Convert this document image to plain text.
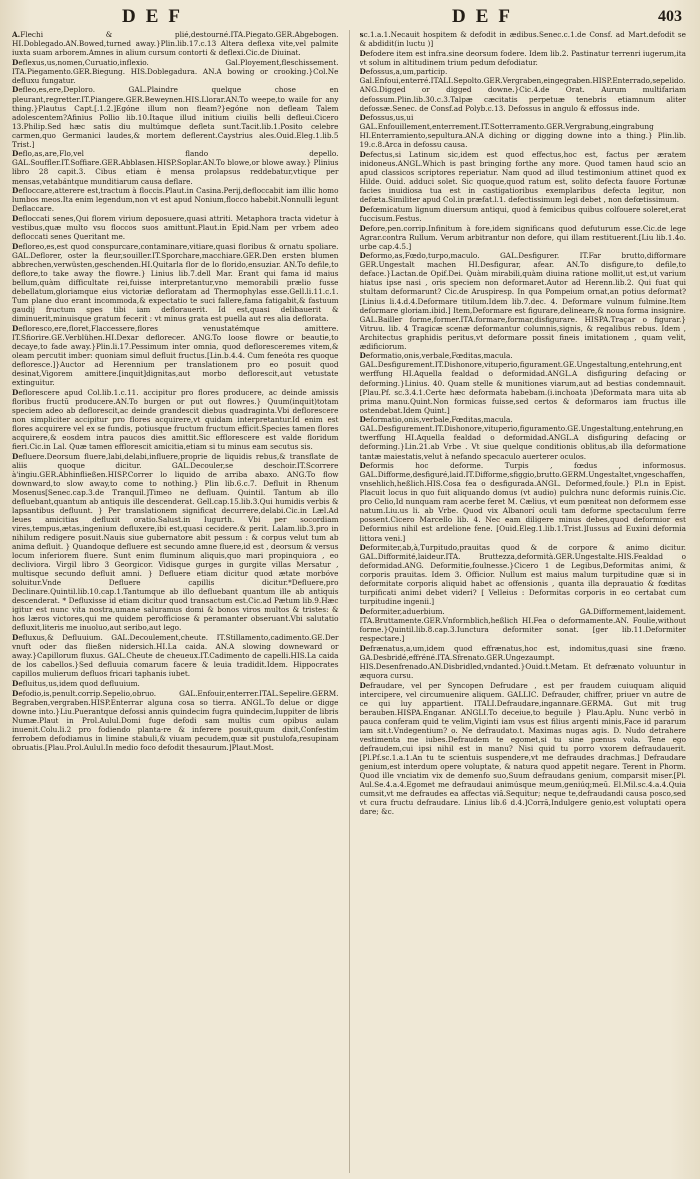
DEF	DEF	403

A.Flechi & plié,destourné.ITA.Piegato.GER.Abgebogen. HI.Doblegado.AN.Bowed,turned away.}Plin.lib.17.c.13 Altera deflexa vite,vel palmite iuxta suam arborem.Amnes in alium cursum contorti & deflexi.Cic.de Diuinat.

Deflexus,us,nomen,Curuatio,inflexio. Gal.Ployement,fleschissement. ITA.Piegamento.GER.Biegung. HIS.Doblegadura. AN.A bowing or crooking.}Col.Ne defluxu fungatur.

Defleo,es,ere,Deploro. GAL.Plaindre quelque chose en pleurant,regretter.IT.Piangere.GER.Beweynen.HIS.Llorar.AN.To weepe,to waile for any thing.}Plautus Capt.[.1.2.]Egóne illum non fleam?}egóne non defleam Talem adolescentem?Afinius Pollio lib.10.Itaque illud initium ciuilis belli defleui.Cicero 13.Philip.Sed hæc satis diu multúmque defleta sunt.Tacit.lib.1.Posito celebre carmen,quo Germanici laudes,& mortem deflerent.Caystrius ales.Ouid.Eleg.1.lib.5 Trist.]

Deflo,as,are,Flo,vel flando depello. GAL.Souffler.IT.Soffiare.GER.Abblasen.HISP.Soplar.AN.To blowe,or blowe away.} Plinius libro 28 capit.3. Cibus etiam è mensa prolapsus reddebatur,vtique per mensas,vetabántque munditiarum causa deflare.

Defloccare,atterere est,tractum à floccis.Plaut.in Casina.Perij,defloccabit iam illic homo lumbos meos.Ita enim legendum,non vt est apud Nonium,flocco habebit.Nonnulli legunt Deflaccare.

Defloccati senes,Qui florem virium deposuere,quasi attriti. Metaphora tracta videtur à vestibus,quæ multo vsu floccos suos amittunt.Plaut.in Epid.Nam per vrbem adeo defloccati senes Queritant me.

Defloreo,es,est quod conspurcare,contaminare,vitiare,quasi floribus & ornatu spoliare. GAL.Deflorer, oster la fleur,souiller.IT.Sporchare,macchiare.GER.Den ersten blumen abbrechen,verwüsten,geschenden.HI.Quitarla flor de lo florido,ensuziar. AN.To defile,to deflore,to take away the flowre.} Linius lib.7.dell Mar. Erant qui fama id maius bellum,quàm difficultate rei,fuisse interpretantur,vno memorabili prælio fusse debellatum,gloriamque eius victoriæ defloratam ad Thermophylas esse.Gell.li.11.c.1. Tum plane duo erant incommoda,& expectatio te suci fallere,fama fatigabit,& fastuum gaudij fructum spes tibi iam deflorauerit. Id est,quasi delibauerit & diminuerit,minuisque gratum fecerit : vt minus grata est puella aut res alia deflorata.

Defloresco,ere,floret,Flaccessere,flores venustatémque amittere. IT.Sfiorire.GE.Verblühen.HI.Dexar deflorecer. ANG.To loose flowre or beautie,to decaye,to fade away.}Plin.li.17.Pessimum inter omnia, quod defloresceremes vitem,& oleam percutit imber: quoniam simul defluit fructus.[Lin.b.4.4. Cum feneóta res quoque defloresce.]}Auctor ad Herennium per translationem pro eo posuit quod desinat,Vigorem amittere.[inquit]dignitas,aut morbo deflorescit,aut vetustate extinguitur.

Deflorescere apud Col.lib.1.c.11. accipitur pro flores producere, ac deinde amissis floribus fructū producere.AN.To burgen or put out flowres.} Quum(inquit)totam speciem adeo ab deflorescit,ac deinde grandescit diebus quadraginta.Vbi deflorescere non simpliciter accipitur pro flores acquirere,vt quidam interpretantur.Id enim est flores acquirere vel ex se fundis, potiusque fructum fructum efficit.Species tamen flores acquirere,& eosdem intra paucos dies amittit.Sic efflorescere est valde floridum fieri.Cic.in Lal. Quæ tamen efflorescit amicitia,etiam si tu minus eam secutus sis.

Defluere.Deorsum fluere,labi,delabi,influere,proprie de liquidis rebus,& transflate de aliis quoque dicitur. GAL.Decouler,se deschoir.IT.Scorrere à'ingiu.GER.Abhinfließen.HISP.Correr lo liquido de arriba abaxo. ANG.To flow downward,to slow away,to come to nothing.} Plin lib.6.c.7. Defluit in Rhenum Mosenus[Senec.cap.3.de Tranquil.]Timeo ne defluam. Quintil. Tantum ab illo defluebant,quantum ab antiquis ille descenderat. Gell.cap.15.lib.3.Qui humidis verbis & lapsantibus defluunt. } Per translationem significat decurrere,delabi.Cic.in Læl.Ad leues amicitias defluxit oratio.Salust.in Iugurth. Vbi per socordiam vires,tempus,ætas,ingenium defluxere,ibi est,quasi cecidere.& perit. Lalam.lib.3.pro in nihilum redigere posuit.Nauis siue gubernatore abit pessum : & corpus velut tum ab anima defluit. } Quandoque defluere est secundo amne fluere,id est , deorsum & versus locum inferiorem fluere. Sunt enim fluminum aliquis,quo mari propinquiora , eo decliviora. Virgil libro 3 Georgicor. Vidisque gurges in gurgite villas Mersatur , multisque secundo defluit amni. } Defluere etiam dicitur quod ætate morbóve soluitur.Vnde Defluere capillis dicitur.*Defluere,pro Declinare.Quintil.lib.10.cap.1.Tantumque ab illo defluebant quantum ille ab antiquis descenderat. * Defluxisse id etiam dicitur quod transactum est.Cic.ad Pætum lib.9.Hæc igitur est nunc vita nostra,umane saluramus domi & bonos viros multos & tristes: & hos læros victores,qui me quidem perofficiose & peramanter obseruant.Vbi salutatio defluxit,literis me inuoluo,aut seribo,aut lego.

Defluxus,& Defluuium. GAL.Decoulement,cheute. IT.Stillamento,cadimento.GE.Der vnuft oder das fließen nidersich.HI.La caida. AN.A slowing downeward or away.}Capillorum fluxus. GAL.Cheute de cheueux.IT.Cadimento de capelli.HIS.La caida de los cabellos.}Sed defluuia comarum facere & leuia tradidit.Idem. Hippocrates capillos mulierum defluos fricari taphanis iubet.

Defluitus,us,idem quod defluuium.

Defodio,is,penult.corrip.Sepelio,obruo. GAL.Enfouir,enterrer.ITAL.Sepelire.GERM. Begraben,vergraben.HISP.Enterrar alguna cosa so tierra. ANGL.To delue or digge downe into.}Liu.Puerantque defossi annis quindecim fugra quindecim,Iuppiter de libris Numæ.Plaut in Prol.Aulul.Domi fuge defodi sam multis cum opibus aulam inuenit.Colu.li.2 pro fodiendo planta-re & inferere posuit,quum dixit,Confestim ferrobem defodiamus in limine stabuli,& viuam pecudem,quæ sit pustulofa,resupinam obruatis.[Plau.Prol.Aulul.In medio foco defodit thesaurum.]Plaut.Most.

sc.1.a.1.Necauit hospitem & defodit in ædibus.Senec.c.1.de Consf. ad Mart.defodit se & abdidit(in luctu )]

Defodere item est infra.sine deorsum fodere. Idem lib.2. Pastinatur terrenri iugerum,ita vt solum in altitudinem trium pedum defodiatur.

Defossus,a,um,particip. Gal.Enfoui,enterré.ITALI.Sepolto.GER.Vergraben,eingegraben.HISP.Enterrado,sepelido. ANG.Digged or digged downe.}Cic.4.de Orat. Aurum multifariam defossum.Plin.lib.30.c.3.Talpæ cæcitatis perpetuæ tenebris etiamnum aliter defossæ.Senec. de Consf.ad Polyb.c.13. Defossus in angulo & effossus inde.

Defossus,us,ui GAL.Enfouillement,enterrement.IT.Sotterramento.GER.Vergrabung,eingrabung HI.Enterramiento,sepultura.AN.A diching or digging downe into a thing.} Plin.lib. 19.c.8.Arca in defossu causa.

Defectus,si Latinum sic,idem est quod effectus,hoc est, factus per æratem inidoneus.ANGL.Which is past bringing forthe any more. Quod tamen haud scio an apud classicos scriptores reperiatur. Nam quod ad illud testimonium attinet quod ex Hilde. Ouid. adduci solet. Sic quoque,quod ratum est, solito defecta fauore Fortunæ facies inuidiosa tua est in castigatioribus exemplaribus defecta legitur, non defœta.Similiter apud Col.in præfat.l.1. defectissimum legi debet , non defœtissimum.

Defœmicatum lignum diuersum antiqui, quod à femicibus quibus colfouere soleret,erat fuccisum.Festus.

Defore,pen.corrip.Infinitum à fore,idem significans quod defuturum esse.Cic.de lege Agrar.contra Rullum. Verum arbitrantur non defore, qui illam restituerent.[Liu lib.1.4o. urbe cap.4.5.]

Deformo,as,Fœdo,turpo,maculo. GAL.Desfigurer. IT.Far brutto,difformare GER.Ungestalt machen HI.Desfigurar, afear. AN.To disfigure,to defile,to deface.}Lactan.de Opif.Dei. Quàm mirabili,quàm diuina ratione mollit,ut est,ut varium hiatus ipse nasi , oris speciem non deformaret.Autor ad Herenn.lib.2. Qui fuat qui stultam deformarunt? Cic.de Aruspiresp. In qua Pompeium ornat,an potius deformat?[Linius li.4.d.4.Deformare titilum.Idem lib.7.dec. 4. Deformare vulnum fulmine.Item deformare gloriam.ibid.] Item,Deformare est figurare,delineare,& noua forma insignire. GAL.Bailler forme,former.ITA.formare,formar,disfigurare. HISPA.Traçar o figurar.} Vitruu. lib. 4 Tragicæ scenæ deformantur columnis,signis, & regalibus rebus. Idem , Architectus graphidis peritus,vt deformare possit fineis imitationem , quam velit, ædificiorum.

Deformatio,onis,verbale,Fœditas,macula. GAL.Desfigurement.IT.Dishonore,vituperio,figurament.GE.Ungestaltung,entehrung,entwerffung HI.Aquella fealdad o deformidad.ANGL.A disfiguring defacing or deforming.}Linius. 40. Quam stelle & munitiones viarum,aut ad bestias condemnauit.[Plau.Pf. sc.3.4.1.Certe hæc deformata habebam.(i.inchoata )Deformata mara uita ab prima manu.Quint.Non formicas fuisse,sed certos & deformaros iam fructus ille ostendebat.Idem Quint.]

Deformatio,onis,verbale,Fœditas,macula. GAL.Desfigurement.IT.Dishonore,vituperio,figuramento.GE.Ungestaltung,entehrung,entwerffung HI.Aquella fealdad o deformidad.ANGL.A disfiguring defacing or deforming.}Lin.21.ab Vrbe . Vt siue quelque conditionis oblitus,ab illa deformatione tantæ maiestatis,velut à nefando specaculo auerterer oculos.

Deformis hoc deforme. Turpis , fœdus , informosus. GAL.Difforme,desfiguré,laid.IT.Difforme,sfiggio,brutto.GERM.Ungestaltet,vngeschaffen,vnsehlich,heßlich.HIS.Cosa fea o desfigurada.ANGL. Deformed,foule.} Pl.n in Epist. Placuit locus in quo fuit aliquando domus (vt audio) pulchra nunc deformis ruinis.Cic. pro Celio,Id nunquam ram acerbe feret M. Cælius, vt eum pœniteat non deformem esse natum.Liu.us li. ab Vrbe. Quod vix Albanorí oculi tam deforme spectaculum ferre possent.Cicero Marcello lib. 4. Nec eam diligere minus debes,quod deformior est Deformius nihil est ardelione fene. [Ouid.Eleg.1.lib.1.Trist.]Iussus ad Euxini deformia littora veni.]

Deformiter,ab,à,Turpitudo,prauitas quod & de corpore & animo dicitur. GAL.Difformité,laideur.ITA. Bruttezza,deformità.GER.Ungestalte.HIS.Fealdad o deformidad.ANG. Deformitie,foulnesse.}Cicero 1 de Legibus,Deformitas animi, & corporis prauitas. Idem 3. Officior. Nullum est maius malum turpitudine quæ si in deformitate corporis aliquid habet ac offensionis , quanta illa deprauatio & fœditas turpificati animi debet videri? [ Velleius : Deformitas corporis in eo certabat cum turpitudine ingenii.]

Deformiter,aduerbium. GA.Difformement,laidement. ITA.Bruttamente.GER.Vnformblich,heßlich HI.Fea o deformamente.AN. Foulie,without forme.}Quintil.lib.8.cap.3.Iunctura deformiter sonat. [ger lib.11.Deformiter respectare.]

Defrænatus,a,um,idem quod effrænatus,hoc est, indomitus,quasi sine fræno. GA.Desbridé,effréné.ITA.Sfrenato.GER.Ungezaumpt. HIS.Desenfrenado.AN.Disbridled,vndanted.}Ouid.t.Metam. Et defrænato voluuntur in æquora cursu.

Defraudare, vel per Syncopen Defrudare , est per fraudem cuiuquam aliquid intercipere, vel circumuenire aliquem. GALLIC. Defrauder, chiffrer, priuer vn autre de ce qui luy appartient. ITALI.Defraudare,ingannare.GERMA. Gut mit trug berauben.HISPA.Enganar. ANGLI.To deceiue,to beguile } Plau.Aplu. Nunc verbō in pauca conferam quid te velim,Viginti iam vsus est filius argenti minis,Face id pararum iam sit.t.Vndegentium? o. Ne defraudato.t. Maximas nugas agis. D. Nudo detrahere vestimenta me iubes.Defraudem te egomet,si tu sine pœnus vola. Tene ego defraudem,cui ipsi nihil est in manu? Nisi quid tu porro vxorem defraudauerit.[Pl.Pf.sc.1.a.1.An tu te scientuis suspendere,vt me defraudes drachmas.] Defraudare genium,est interdum opere voluptate, & natura quod appetit negare. Terent in Phorm. Quod ille vnciatim vix de demenfo suo,Suum defraudans genium, comparsit miser.[Pl. Aul.Se.4.a.4.Egomet me defraudaui animúsque meum,geniúq;meū. El.Mil.sc.4.a.4.Quia cumsit,vt me defraudes ea affectas viâ.Sequitur; neque te,defraudandi causa posco,sed vt cura fructu defraudare. Linius lib.6 d.4.]Corrā,Indulgere genio,est voluptati opera dare; &c.
